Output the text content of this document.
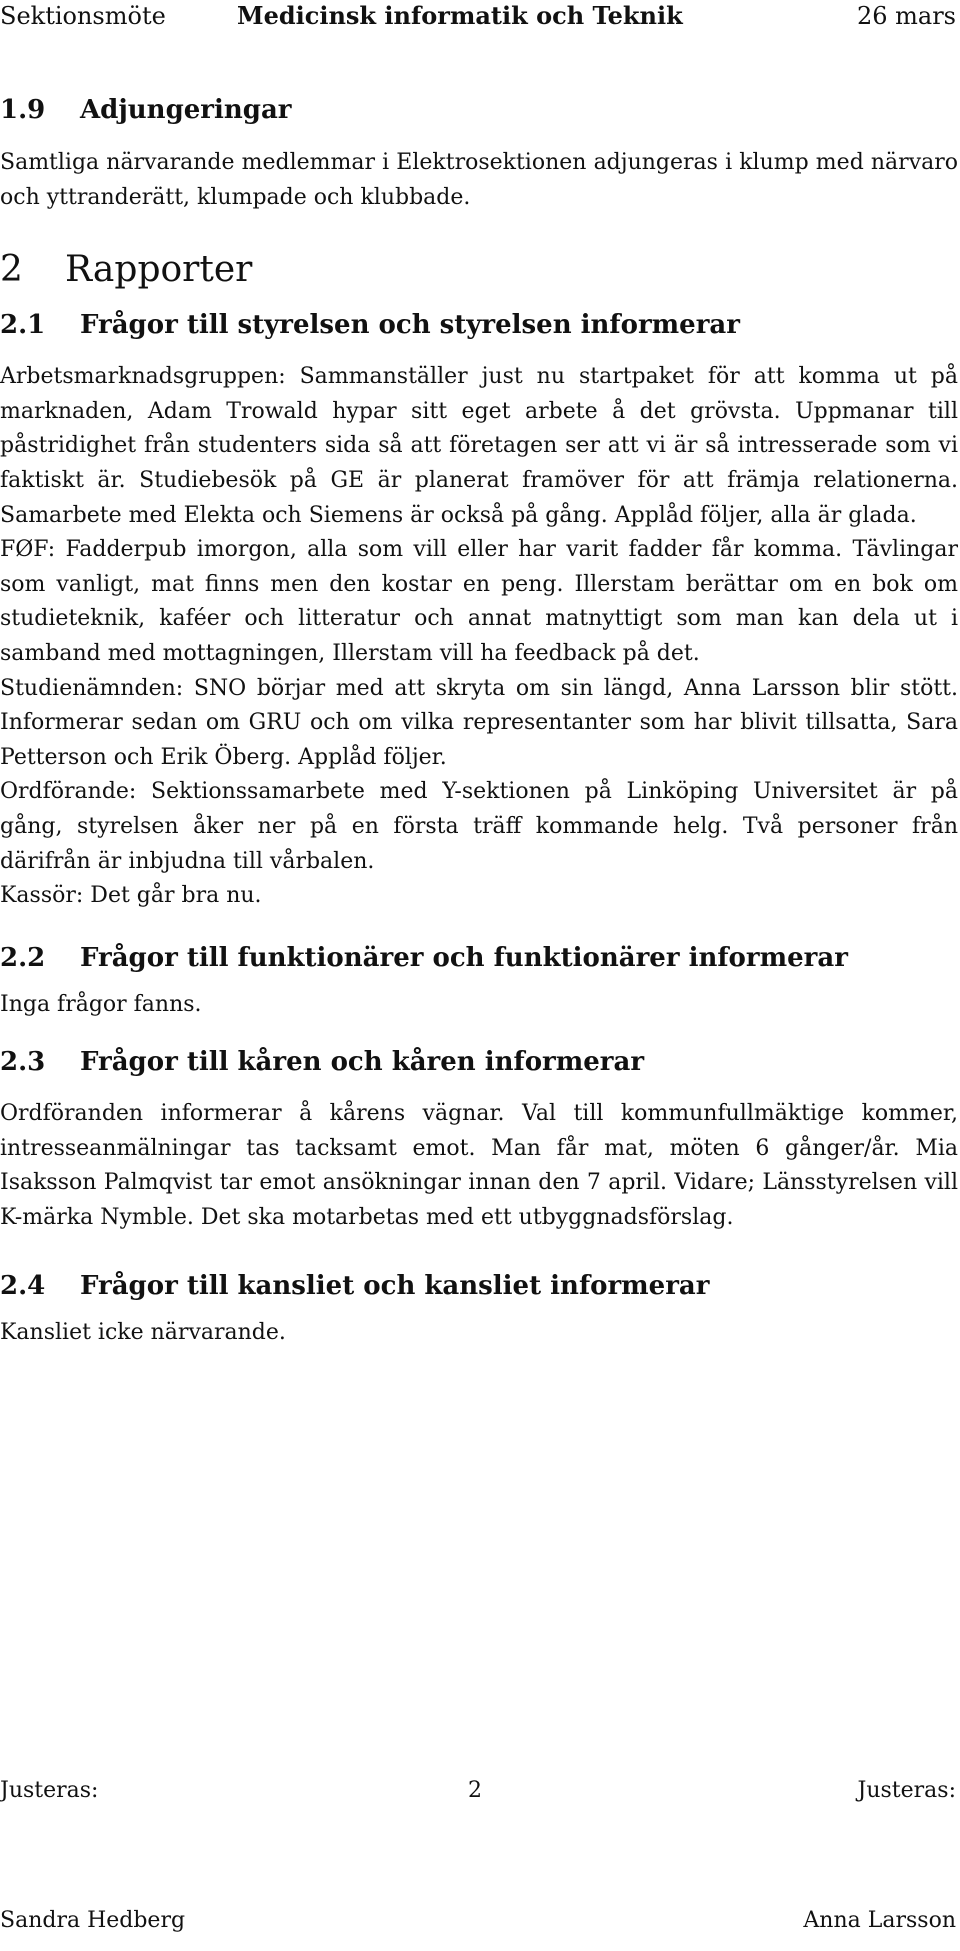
Sektionsmöte	Medicinsk informatik och Teknik	26 mars
1.9 Adjungeringar

Samtliga närvarande medlemmar i Elektrosektionen adjungeras i klump med närvaro och yttranderätt, klumpade och klubbade.

2 Rapporter
2.1 Frågor till styrelsen och styrelsen informerar

Arbetsmarknadsgruppen: Sammanställer just nu startpaket för att komma ut på marknaden, Adam Trowald hypar sitt eget arbete å det grövsta. Uppmanar till påstridighet från studenters sida så att företagen ser att vi är så intresserade som vi faktiskt är. Studiebesök på GE är planerat framöver för att främja relationerna. Samarbete med Elekta och Siemens är också på gång. Applåd följer, alla är glada.

FØF: Fadderpub imorgon, alla som vill eller har varit fadder får komma. Tävlingar som vanligt, mat finns men den kostar en peng. Illerstam berättar om en bok om studieteknik, kaféer och litteratur och annat matnyttigt som man kan dela ut i samband med mottagningen, Illerstam vill ha feedback på det.

Studienämnden: SNO börjar med att skryta om sin längd, Anna Larsson blir stött. Informerar sedan om GRU och om vilka representanter som har blivit tillsatta, Sara Petterson och Erik Öberg. Applåd följer.

Ordförande: Sektionssamarbete med Y-sektionen på Linköping Universitet är på gång, styrelsen åker ner på en första träff kommande helg. Två personer från därifrån är inbjudna till vårbalen.

Kassör: Det går bra nu.

2.2 Frågor till funktionärer och funktionärer informerar

Inga frågor fanns.

2.3 Frågor till kåren och kåren informerar

Ordföranden informerar å kårens vägnar. Val till kommunfullmäktige kommer, intresseanmälningar tas tacksamt emot. Man får mat, möten 6 gånger/år. Mia Isaksson Palmqvist tar emot ansökningar innan den 7 april. Vidare; Länsstyrelsen vill K-märka Nymble. Det ska motarbetas med ett utbyggnadsförslag.

2.4 Frågor till kansliet och kansliet informerar

Kansliet icke närvarande.

Justeras:	2	Justeras:
Sandra Hedberg	Anna Larsson
